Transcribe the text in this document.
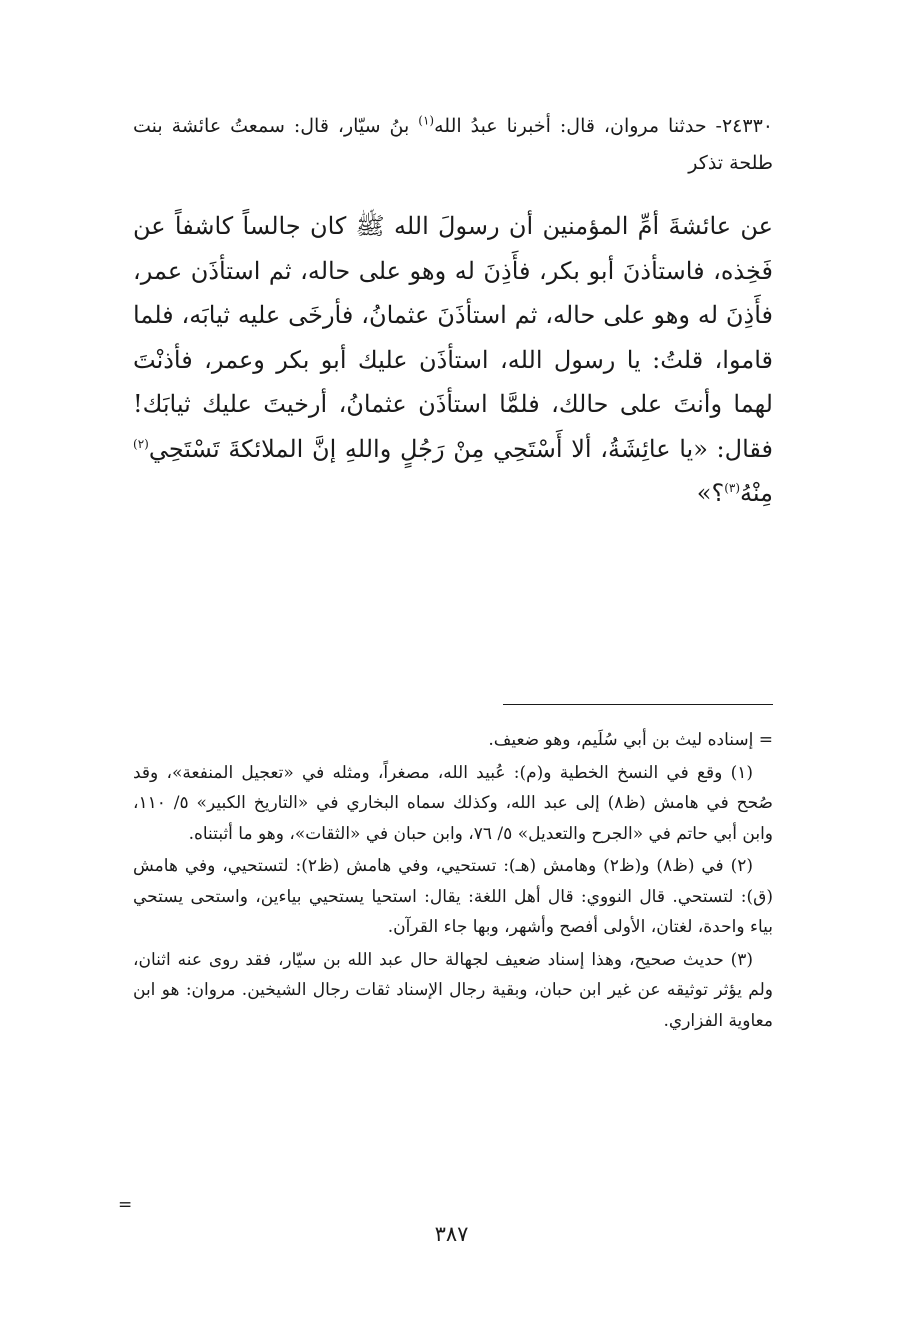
٢٤٣٣٠- حدثنا مروان، قال: أخبرنا عبدُ الله$^{(١)}$ بنُ سيّار، قال: سمعتُ عائشة بنت طلحة تذكر

عن عائشةَ أمِّ المؤمنين أن رسولَ الله ﷺ كان جالساً كاشفاً عن فَخِذه، فاستأذنَ أبو بكر، فأَذِنَ له وهو على حاله، ثم استأذَن عمر، فأَذِنَ له وهو على حاله، ثم استأذَنَ عثمانُ، فأرخَى عليه ثيابَه، فلما قاموا، قلتُ: يا رسول الله، استأذَن عليك أبو بكر وعمر، فأذنْتَ لهما وأنتَ على حالك، فلمَّا استأذَن عثمانُ، أرخيتَ عليك ثيابَك! فقال: «يا عائِشَةُ، ألا أَسْتَحِي مِنْ رَجُلٍ واللهِ إنَّ الملائكةَ تَسْتَحِي$^{(٢)}$ مِنْهُ$^{(٣)}$؟»

= إسناده ليث بن أبي سُلَيم، وهو ضعيف.

(١) وقع في النسخ الخطية و(م): عُبيد الله، مصغراً، ومثله في «تعجيل المنفعة»، وقد صُحح في هامش (ظ٨) إلى عبد الله، وكذلك سماه البخاري في «التاريخ الكبير» ٥/ ١١٠، وابن أبي حاتم في «الجرح والتعديل» ٥/ ٧٦، وابن حبان في «الثقات»، وهو ما أثبتناه.

(٢) في (ظ٨) و(ظ٢) وهامش (هـ): تستحيي، وفي هامش (ظ٢): لتستحيي، وفي هامش (ق): لتستحي. قال النووي: قال أهل اللغة: يقال: استحيا يستحيي بياءين، واستحى يستحي بياء واحدة، لغتان، الأولى أفصح وأشهر، وبها جاء القرآن.

(٣) حديث صحيح، وهذا إسناد ضعيف لجهالة حال عبد الله بن سيّار، فقد روى عنه اثنان، ولم يؤثر توثيقه عن غير ابن حبان، وبقية رجال الإسناد ثقات رجال الشيخين. مروان: هو ابن معاوية الفزاري.

=
٣٨٧
